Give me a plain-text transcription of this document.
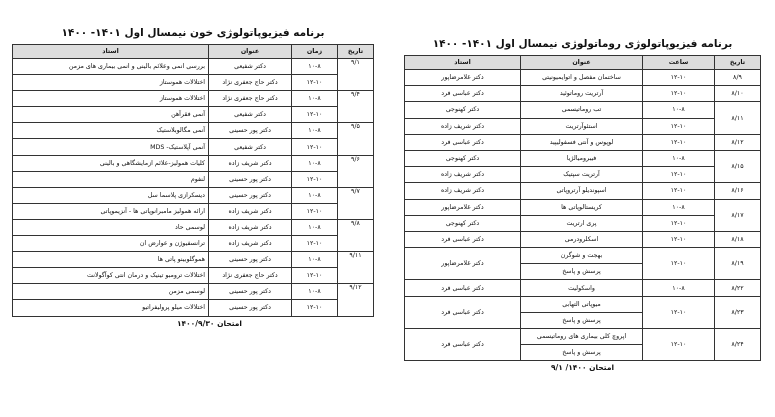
برنامه فیزیوپاتولوژی خون نیمسال اول ۱۴۰۱- ۱۴۰۰
تاریخ	زمان	عنوان	استاد
۹/۱	۱۰-۸	دکتر شفیعی	بررسی انمی وعلائم بالینی و انمی بیماری های مزمن
	۱۲-۱۰	دکتر حاج جعفری نژاد	اختلالات هموستاز
۹/۴	۱۰-۸	دکتر حاج جعفری نژاد	اختلالات هموستاز
	۱۲-۱۰	دکتر شفیعی	آنمی فقرآهن
۹/۵	۱۰-۸	دکتر پور حسینی	آنمی مگالوبلاستیک
	۱۲-۱۰	دکتر شفیعی	آنمی آپلاستیک- MDS
۹/۶	۱۰-۸	دکتر شریف زاده	کلیات همولیز-علائم ازمایشگاهی و بالینی
	۱۲-۱۰	دکتر پور حسینی	لنفوم
۹/۷	۱۰-۸	دکتر پور حسینی	دیسکرازی پلاسما سل
	۱۲-۱۰	دکتر شریف زاده	ارائه همولیز مامبرانوپاتی ها - آنزیموپاتی
۹/۸	۱۰-۸	دکتر شریف زاده	لوسمی حاد
	۱۲-۱۰	دکتر شریف زاده	ترانسفیوژن و عوارض ان
۹/۱۱	۱۰-۸	دکتر پور حسینی	هموگلوبینو پاتی ها
	۱۲-۱۰	دکتر حاج جعفری نژاد	اختلالات ترومبو تینیک و درمان انتی کوآگولانت
۹/۱۲	۱۰-۸	دکتر پور حسینی	لوسمی مزمن
	۱۲-۱۰	دکتر پور حسینی	اختلالات میلو پرولیفراتیو
امتحان ۱۴۰۰/۹/۳۰
برنامه فیزیوپاتولوژی روماتولوژی نیمسال اول ۱۴۰۱- ۱۴۰۰
تاریخ	ساعت	عنوان	استاد
۸/۹	۱۲-۱۰	ساختمان مفصل و اتوایمیونیتی	دکتر غلامرضاپور
۸/۱۰	۱۲-۱۰	آرتریت روماتوئید	دکتر عباسی فرد
۸/۱۱	۱۰-۸	تب روماتیسمی	دکتر کهنوجی
	۱۲-۱۰	استئوآرتریت	دکتر شریف زاده
۸/۱۲	۱۲-۱۰	لوپوس و آنتی فسفولیپید	دکتر عباسی فرد
۸/۱۵	۱۰-۸	فیبرومیالژیا	دکتر کهنوجی
	۱۲-۱۰	آرتریت سپتیک	دکتر شریف زاده
۸/۱۶	۱۲-۱۰	اسپوندیلو آرتروپاتی	دکتر شریف زاده

۸/۱۷	۱۰-۸	کریستالوپاتی ها	دکتر غلامرضاپور
	۱۲-۱۰	پری ارتریت	دکتر کهنوجی
۸/۱۸	۱۲-۱۰	اسکلرودرمی	دکتر عباسی فرد
۸/۱۹	۱۲-۱۰	بهجت و شوگرن	دکتر غلامرضاپور
		پرسش و پاسخ	
۸/۲۲	۱۰-۸	واسکولیت	دکتر عباسی فرد
۸/۲۳	۱۲-۱۰	میوپاتی التهابی	دکتر عباسی فرد
		پرسش و پاسخ	
۸/۲۴	۱۲-۱۰	اپروچ کلی بیماری های روماتیسمی	دکتر عباسی فرد
		پرسش و پاسخ	
امتحان ۱۴۰۰/ ۹/۱
